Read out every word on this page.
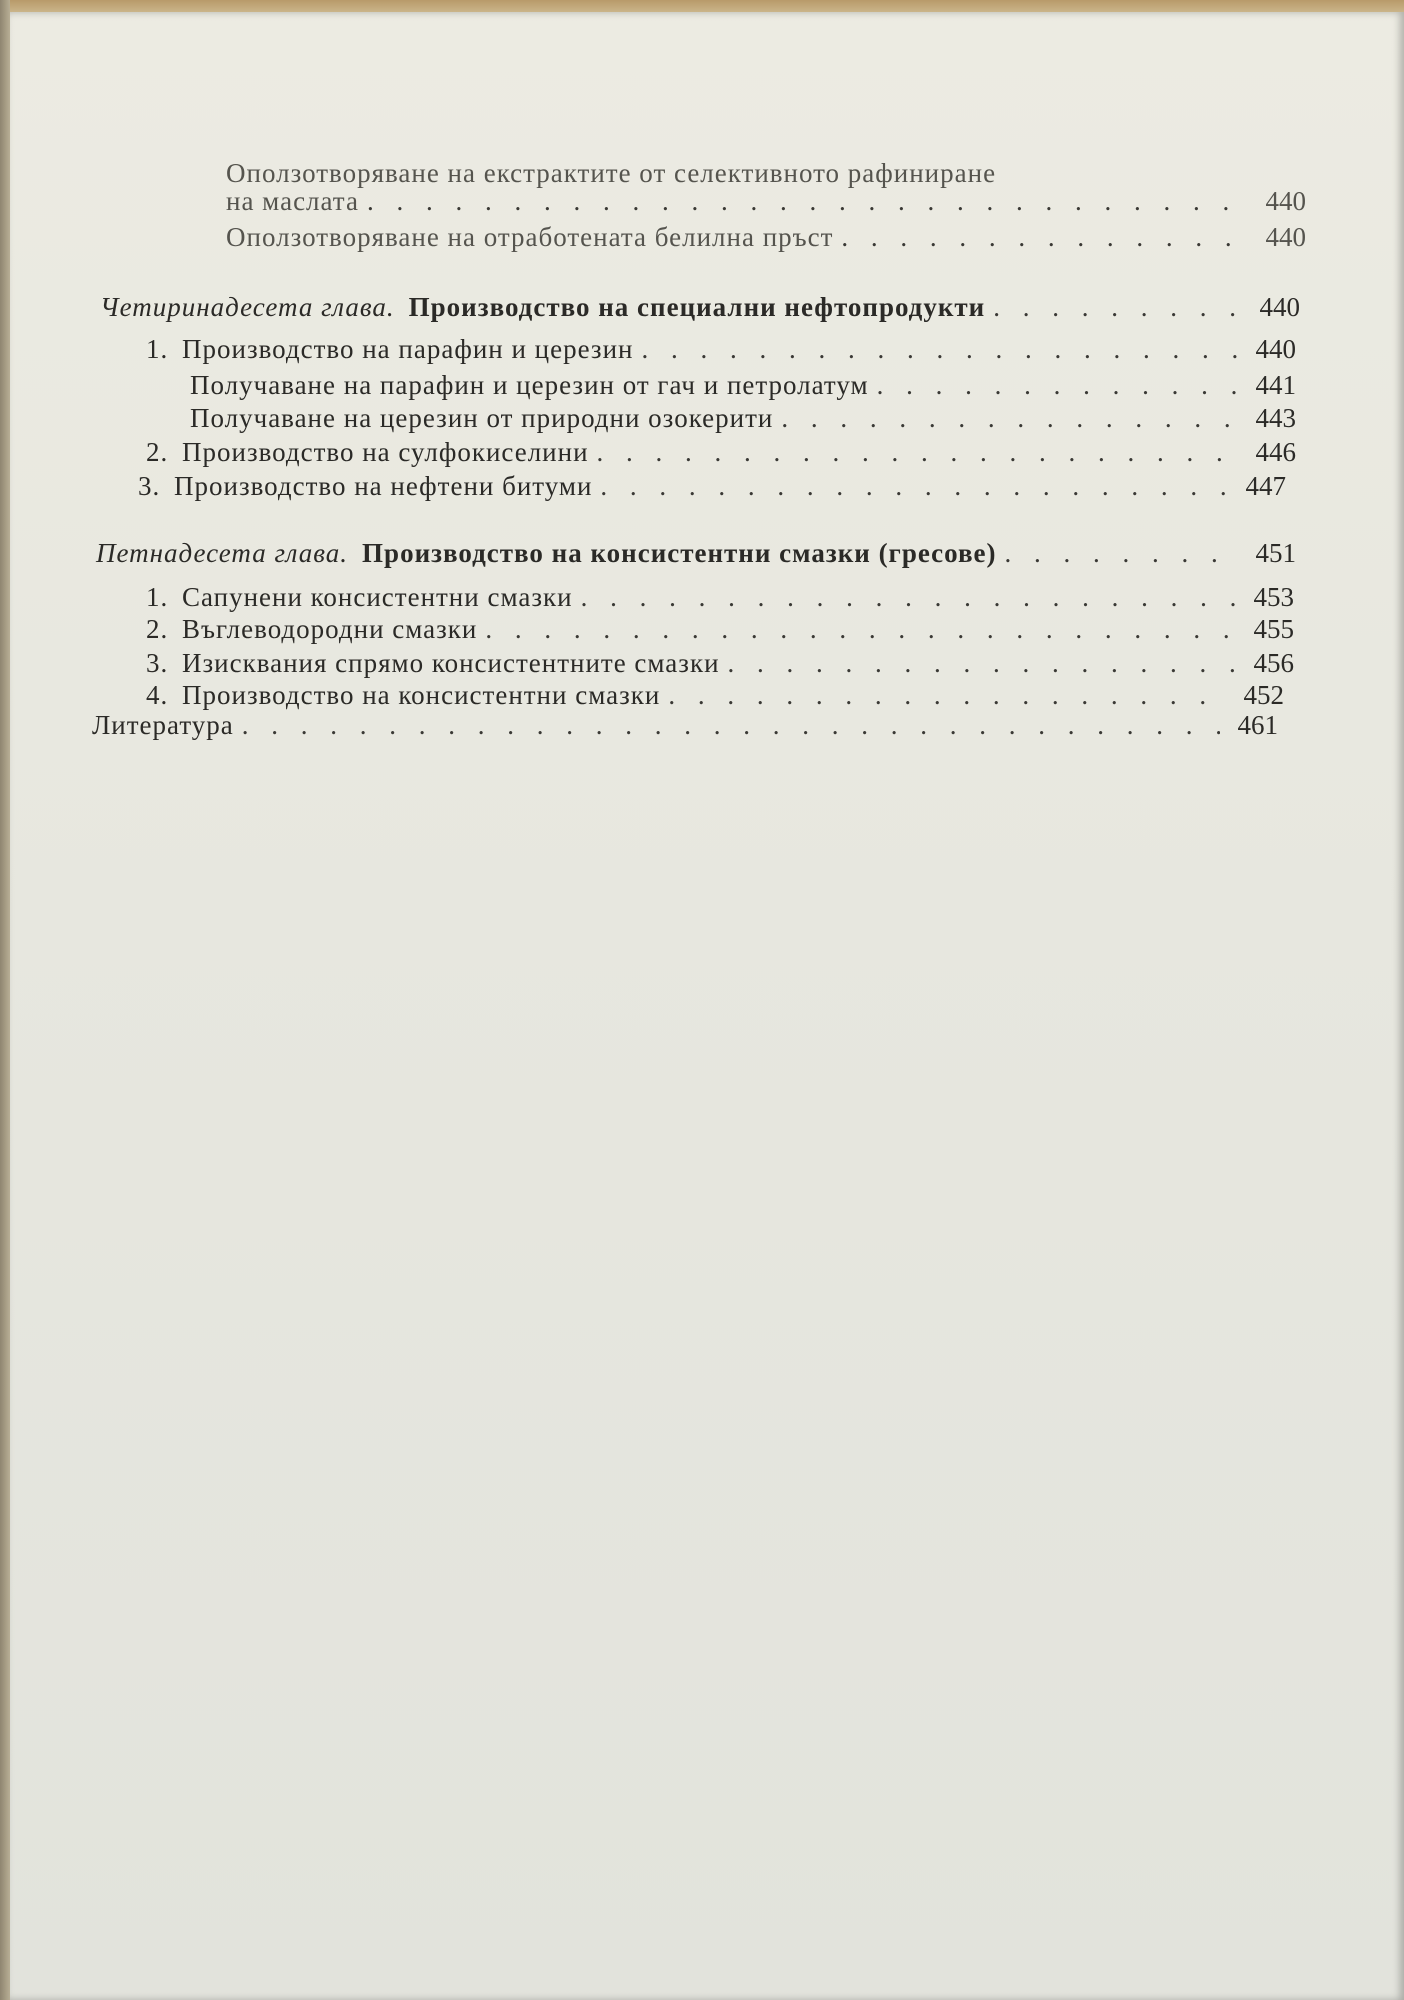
Оползотворяване на екстрактите от селективното рафиниране
на маслата . . .	440
Оползотворяване на отработената белилна пръст . . .	440
Четиринадесета глава. Производство на специални нефтопродукти . . .	440
1. Производство на парафин и церезин . . .	440
Получаване на парафин и церезин от гач и петролатум . . .	441
Получаване на церезин от природни озокерити . . .	443
2. Производство на сулфокиселини . . .	446
3. Производство на нефтени битуми . . .	447
Петнадесета глава. Производство на консистентни смазки (гресове) . . .	451
1. Сапунени консистентни смазки . . .	453
2. Въглеводородни смазки . . .	455
3. Изисквания спрямо консистентните смазки . . .	456
4. Производство на консистентни смазки . . .	452
Литература . . .	461
